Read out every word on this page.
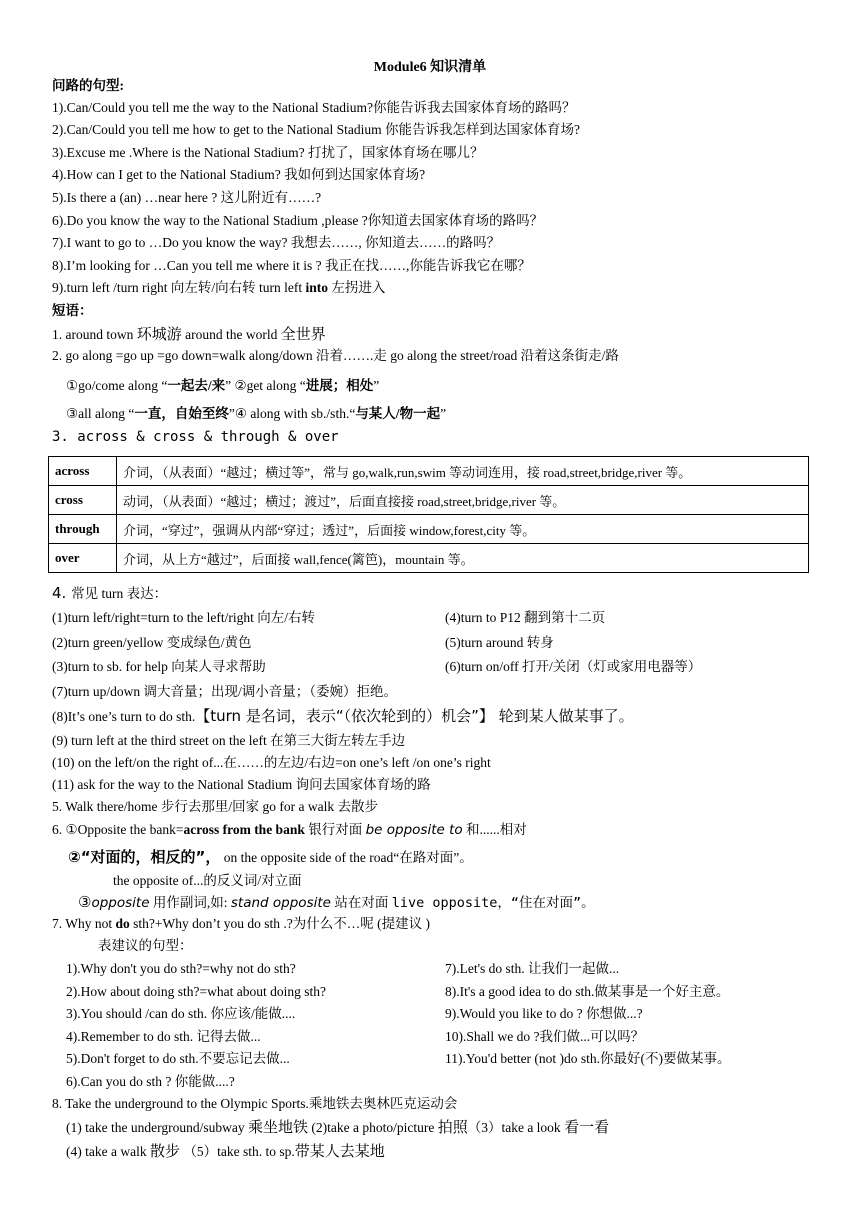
Module6 知识清单
问路的句型:
1).Can/Could you tell me the way to the National Stadium?你能告诉我去国家体育场的路吗？
2).Can/Could you tell me how to get to the National Stadium 你能告诉我怎样到达国家体育场?
3).Excuse me .Where is the National Stadium? 打扰了，国家体育场在哪儿？
4).How can I get to the National Stadium? 我如何到达国家体育场?
5).Is there a (an) …near here ? 这儿附近有……?
6).Do you know the way to the National Stadium ,please ?你知道去国家体育场的路吗？
7).I want to go to …Do you know the way? 我想去……, 你知道去……的路吗？
8).I’m looking for …Can you tell me where it is ? 我正在找……,你能告诉我它在哪？
9).turn left /turn right 向左转/向右转 turn left into 左拐进入
短语：
1. around town 环城游 around the world 全世界
2. go along =go up =go down=walk along/down 沿着…….走 go along the street/road 沿着这条街走/路
①go/come along “一起去/来” ②get along “进展；相处”
③all along “一直，自始至终”④ along with sb./sth.“与某人/物一起”
3. across & cross & through & over
across	介词，（从表面）“越过；横过等”，常与 go,walk,run,swim 等动词连用，接 road,street,bridge,river 等。
cross	动词，（从表面）“越过；横过；渡过”，后面直接接 road,street,bridge,river 等。
through	介词，“穿过”，强调从内部“穿过；透过”，后面接 window,forest,city 等。
over	介词，从上方“越过”，后面接 wall,fence(篱笆)，mountain 等。
4. 常见 turn 表达：
(1)turn left/right=turn to the left/right 向左/右转
(2)turn green/yellow 变成绿色/黄色
(3)turn to sb. for help 向某人寻求帮助
(4)turn to P12 翻到第十二页
(5)turn around 转身
(6)turn on/off 打开/关闭（灯或家用电器等）
(7)turn up/down 调大音量；出现/调小音量；（委婉）拒绝。
(8)It’s one’s turn to do sth.【turn 是名词，表示“（依次轮到的）机会”】 轮到某人做某事了。
(9) turn left at the third street on the left 在第三大街左转左手边
(10) on the left/on the right of...在……的左边/右边=on one’s left /on one’s right
(11) ask for the way to the National Stadium 询问去国家体育场的路
5. Walk there/home 步行去那里/回家 go for a walk 去散步
6. ①Opposite the bank=across from the bank 银行对面 be opposite to 和......相对
②“对面的，相反的”， on the opposite side of the road“在路对面”。
the opposite of...的反义词/对立面
③opposite 用作副词,如: stand opposite 站在对面 live opposite，“住在对面”。
7. Why not do sth?+Why don’t you do sth .?为什么不…呢 (提建议 )
表建议的句型：
1).Why don't you do sth?=why not do sth?
2).How about doing sth?=what about doing sth?
3).You should /can do sth. 你应该/能做....
4).Remember to do sth. 记得去做...
5).Don't forget to do sth.不要忘记去做...
6).Can you do sth ? 你能做....?
7).Let's do sth. 让我们一起做...
8).It's a good idea to do sth.做某事是一个好主意。
9).Would you like to do ? 你想做...?
10).Shall we do ?我们做...可以吗？
11).You'd better (not )do sth.你最好(不)要做某事。
8. Take the underground to the Olympic Sports.乘地铁去奥林匹克运动会
(1) take the underground/subway 乘坐地铁 (2)take a photo/picture 拍照（3）take a look 看一看
(4) take a walk 散步 （5）take sth. to sp.带某人去某地
